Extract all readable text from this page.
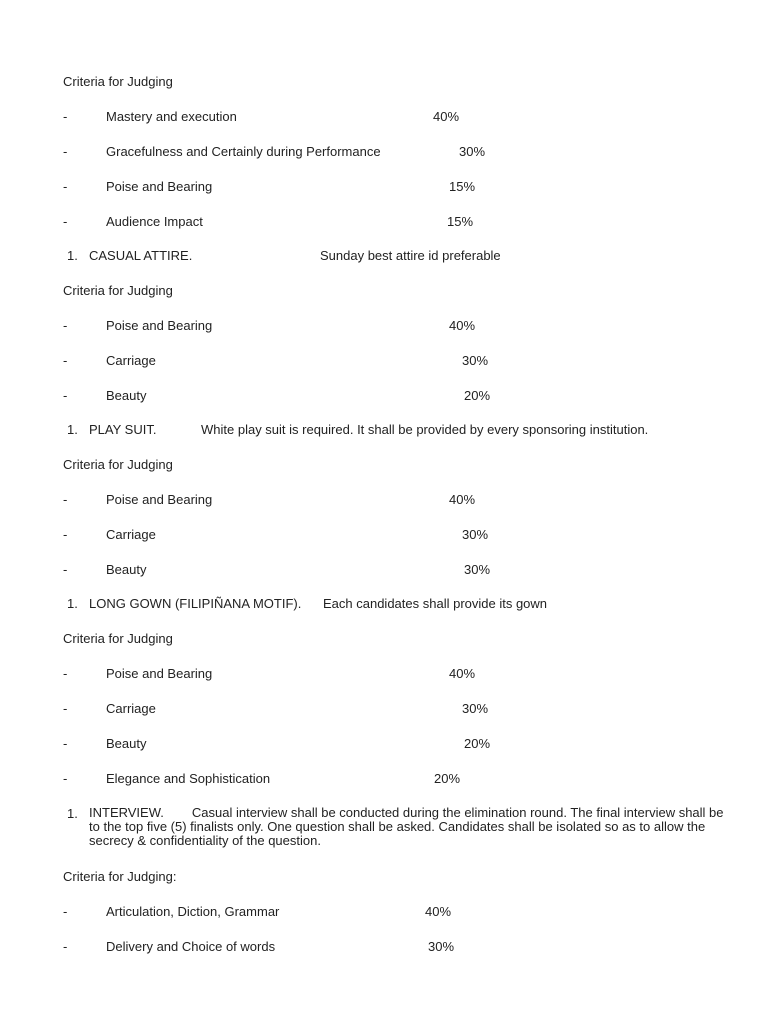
Criteria for Judging
-	Mastery and execution	40%
-	Gracefulness and Certainly during Performance	30%
-	Poise and Bearing	15%
-	Audience Impact	15%
1. CASUAL ATTIRE.	Sunday best attire id preferable
Criteria for Judging
-	Poise and Bearing	40%
-	Carriage	30%
-	Beauty	20%
1. PLAY SUIT.	White play suit is required. It shall be provided by every sponsoring institution.
Criteria for Judging
-	Poise and Bearing	40%
-	Carriage	30%
-	Beauty	30%
1. LONG GOWN (FILIPIÑANA MOTIF). Each candidates shall provide its gown
Criteria for Judging
-	Poise and Bearing	40%
-	Carriage	30%
-	Beauty	20%
-	Elegance and Sophistication	20%
1. INTERVIEW. Casual interview shall be conducted during the elimination round. The final interview shall be to the top five (5) finalists only. One question shall be asked. Candidates shall be isolated so as to allow the secrecy & confidentiality of the question.
Criteria for Judging:
-	Articulation, Diction, Grammar	40%
-	Delivery and Choice of words	30%
